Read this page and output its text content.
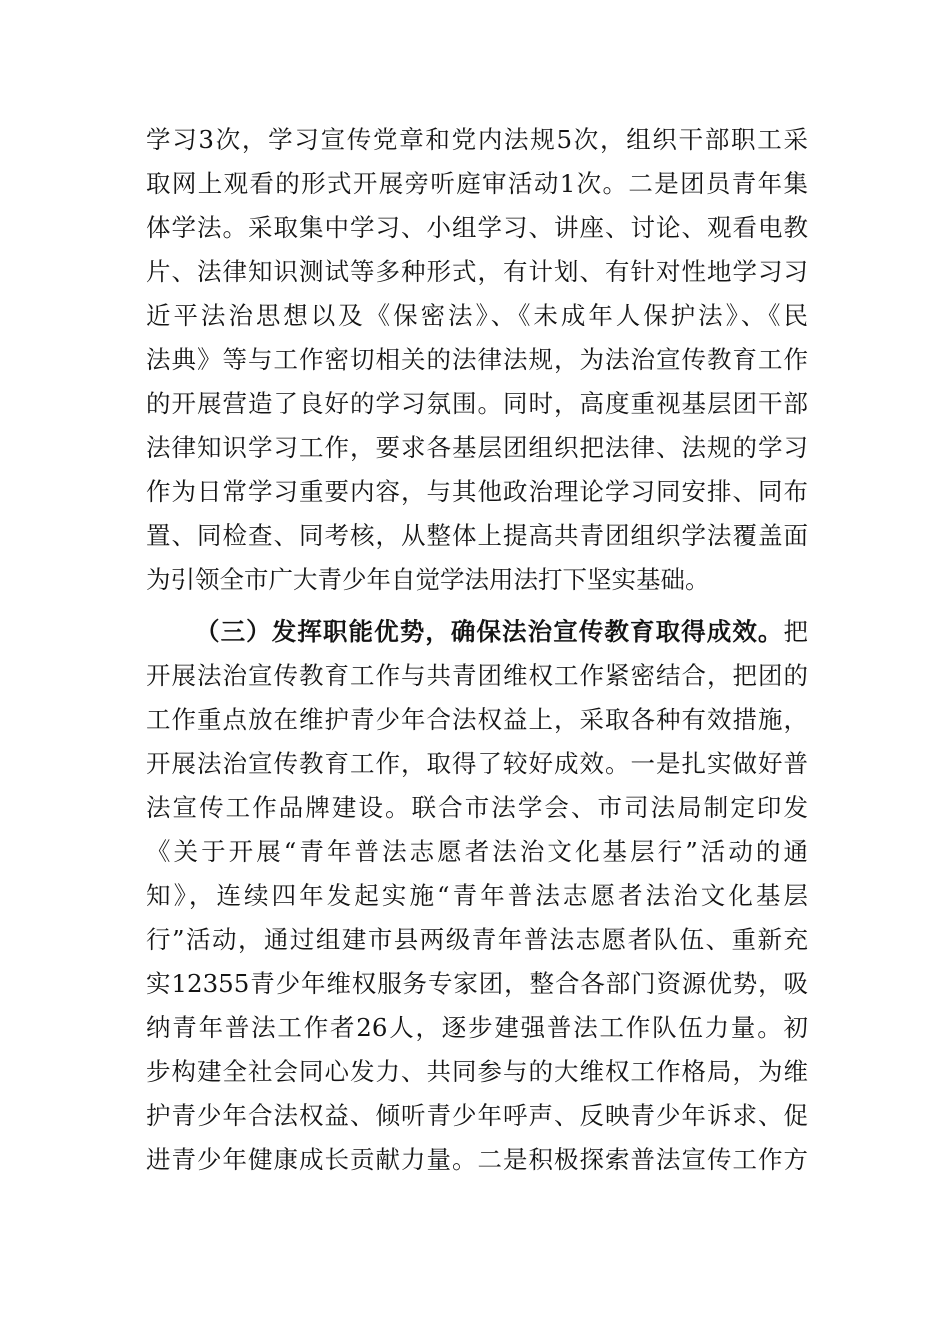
学习3次，学习宣传党章和党内法规5次，组织干部职工采
取网上观看的形式开展旁听庭审活动1次。二是团员青年集
体学法。采取集中学习、小组学习、讲座、讨论、观看电教
片、法律知识测试等多种形式，有计划、有针对性地学习习
近平法治思想以及《保密法》、《未成年人保护法》、《民
法典》等与工作密切相关的法律法规，为法治宣传教育工作
的开展营造了良好的学习氛围。同时，高度重视基层团干部
法律知识学习工作，要求各基层团组织把法律、法规的学习
作为日常学习重要内容，与其他政治理论学习同安排、同布
置、同检查、同考核，从整体上提高共青团组织学法覆盖面
为引领全市广大青少年自觉学法用法打下坚实基础。
（三）发挥职能优势，确保法治宣传教育取得成效。把
开展法治宣传教育工作与共青团维权工作紧密结合，把团的
工作重点放在维护青少年合法权益上，采取各种有效措施，
开展法治宣传教育工作，取得了较好成效。一是扎实做好普
法宣传工作品牌建设。联合市法学会、市司法局制定印发
《关于开展“青年普法志愿者法治文化基层行”活动的通
知》，连续四年发起实施“青年普法志愿者法治文化基层
行”活动，通过组建市县两级青年普法志愿者队伍、重新充
实12355青少年维权服务专家团，整合各部门资源优势，吸
纳青年普法工作者26人，逐步建强普法工作队伍力量。初
步构建全社会同心发力、共同参与的大维权工作格局，为维
护青少年合法权益、倾听青少年呼声、反映青少年诉求、促
进青少年健康成长贡献力量。二是积极探索普法宣传工作方
